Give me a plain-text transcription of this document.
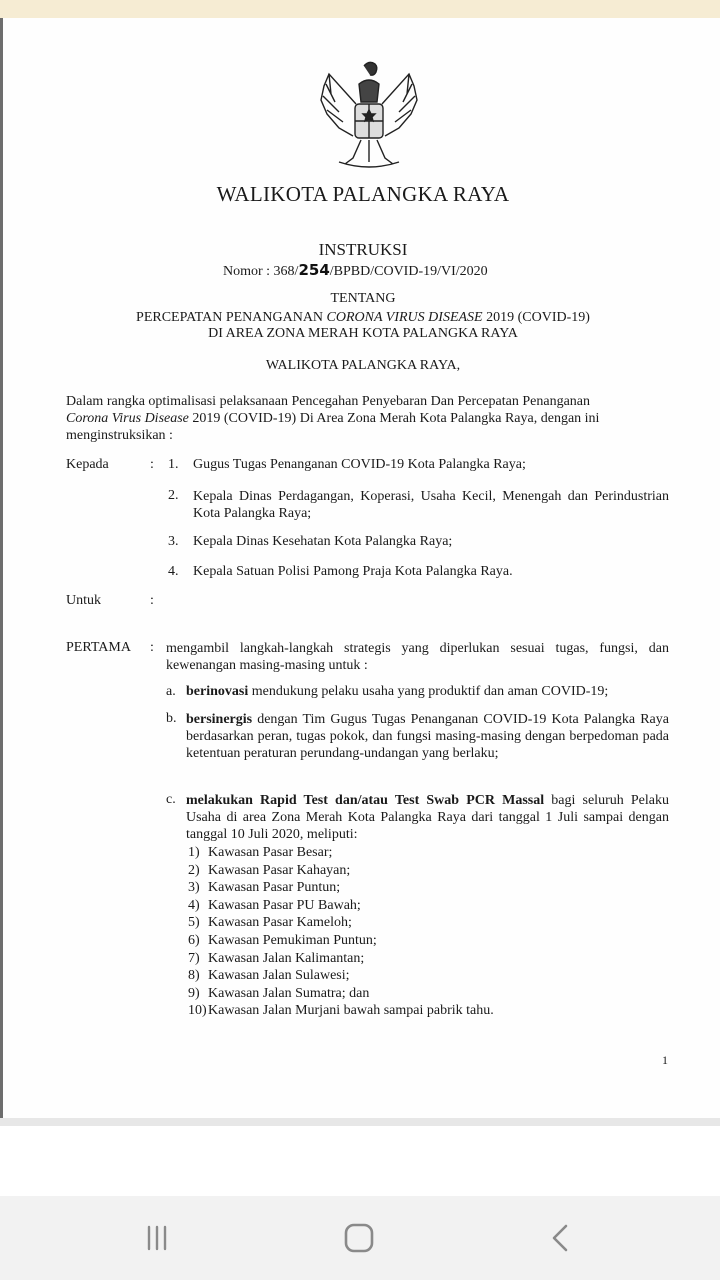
WALIKOTA PALANGKA RAYA
INSTRUKSI
Nomor : 368/254/BPBD/COVID-19/VI/2020
TENTANG
PERCEPATAN PENANGANAN CORONA VIRUS DISEASE 2019 (COVID-19)
DI AREA ZONA MERAH KOTA PALANGKA RAYA
WALIKOTA PALANGKA RAYA,
Dalam rangka optimalisasi pelaksanaan Pencegahan Penyebaran Dan Percepatan Penanganan
Corona Virus Disease 2019 (COVID-19) Di Area Zona Merah Kota Palangka Raya, dengan ini
menginstruksikan :
Kepada	: 1. Gugus Tugas Penanganan COVID-19 Kota Palangka Raya;
2. Kepala Dinas Perdagangan, Koperasi, Usaha Kecil, Menengah dan Perindustrian Kota Palangka Raya;
3. Kepala Dinas Kesehatan Kota Palangka Raya;
4. Kepala Satuan Polisi Pamong Praja Kota Palangka Raya.
Untuk	:
PERTAMA : mengambil langkah-langkah strategis yang diperlukan sesuai tugas, fungsi, dan kewenangan masing-masing untuk :
a. berinovasi mendukung pelaku usaha yang produktif dan aman COVID-19;
b. bersinergis dengan Tim Gugus Tugas Penanganan COVID-19 Kota Palangka Raya berdasarkan peran, tugas pokok, dan fungsi masing-masing dengan berpedoman pada ketentuan peraturan perundang-undangan yang berlaku;
c. melakukan Rapid Test dan/atau Test Swab PCR Massal bagi seluruh Pelaku Usaha di area Zona Merah Kota Palangka Raya dari tanggal 1 Juli sampai dengan tanggal 10 Juli 2020, meliputi:
1) Kawasan Pasar Besar;
2) Kawasan Pasar Kahayan;
3) Kawasan Pasar Puntun;
4) Kawasan Pasar PU Bawah;
5) Kawasan Pasar Kameloh;
6) Kawasan Pemukiman Puntun;
7) Kawasan Jalan Kalimantan;
8) Kawasan Jalan Sulawesi;
9) Kawasan Jalan Sumatra; dan
10)Kawasan Jalan Murjani bawah sampai pabrik tahu.
1
